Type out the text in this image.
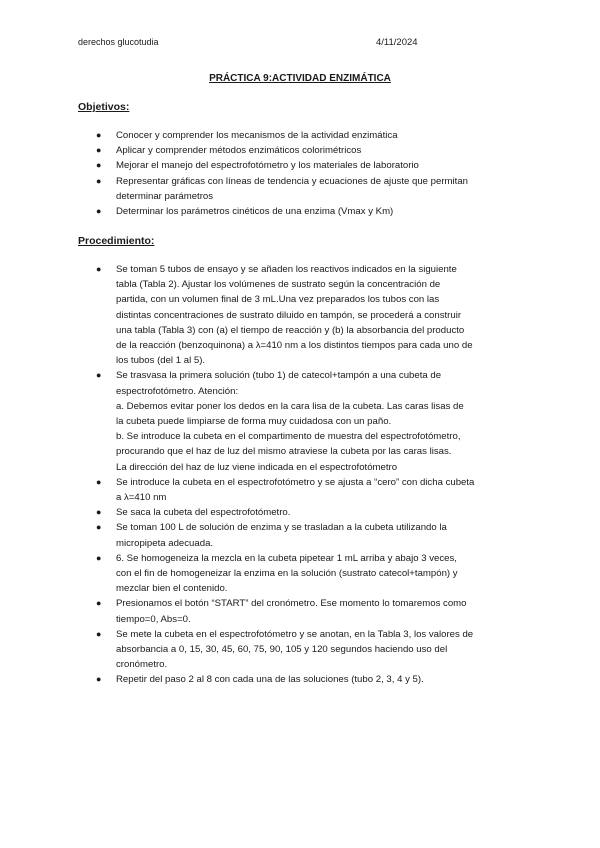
derechos glucotudia	4/11/2024
PRÁCTICA 9:ACTIVIDAD ENZIMÁTICA
Objetivos:
● Conocer y comprender los mecanismos de la actividad enzimática
● Aplicar y comprender métodos enzimáticos colorimétricos
● Mejorar el manejo del espectrofotómetro y los materiales de laboratorio
● Representar gráficas con líneas de tendencia y ecuaciones de ajuste que permitan
determinar parámetros
● Determinar los parámetros cinéticos de una enzima (Vmax y Km)
Procedimiento:
● Se toman 5 tubos de ensayo y se añaden los reactivos indicados en la siguiente
tabla (Tabla 2). Ajustar los volúmenes de sustrato según la concentración de
partida, con un volumen final de 3 mL.Una vez preparados los tubos con las
distintas concentraciones de sustrato diluido en tampón, se procederá a construir
una tabla (Tabla 3) con (a) el tiempo de reacción y (b) la absorbancia del producto
de la reacción (benzoquinona) a λ=410 nm a los distintos tiempos para cada uno de
los tubos (del 1 al 5).
● Se trasvasa la primera solución (tubo 1) de catecol+tampón a una cubeta de
espectrofotómetro. Atención:
a. Debemos evitar poner los dedos en la cara lisa de la cubeta. Las caras lisas de
la cubeta puede limpiarse de forma muy cuidadosa con un paño.
b. Se introduce la cubeta en el compartimento de muestra del espectrofotómetro,
procurando que el haz de luz del mismo atraviese la cubeta por las caras lisas.
La dirección del haz de luz viene indicada en el espectrofotómetro
● Se introduce la cubeta en el espectrofotómetro y se ajusta a “cero” con dicha cubeta
a λ=410 nm
● Se saca la cubeta del espectrofotómetro.
● Se toman 100 L de solución de enzima y se trasladan a la cubeta utilizando la
micropipeta adecuada.
● 6. Se homogeneiza la mezcla en la cubeta pipetear 1 mL arriba y abajo 3 veces,
con el fin de homogeneizar la enzima en la solución (sustrato catecol+tampón) y
mezclar bien el contenido.
● Presionamos el botón “START” del cronómetro. Ese momento lo tomaremos como
tiempo=0, Abs=0.
● Se mete la cubeta en el espectrofotómetro y se anotan, en la Tabla 3, los valores de
absorbancia a 0, 15, 30, 45, 60, 75, 90, 105 y 120 segundos haciendo uso del
cronómetro.
● Repetir del paso 2 al 8 con cada una de las soluciones (tubo 2, 3, 4 y 5).
